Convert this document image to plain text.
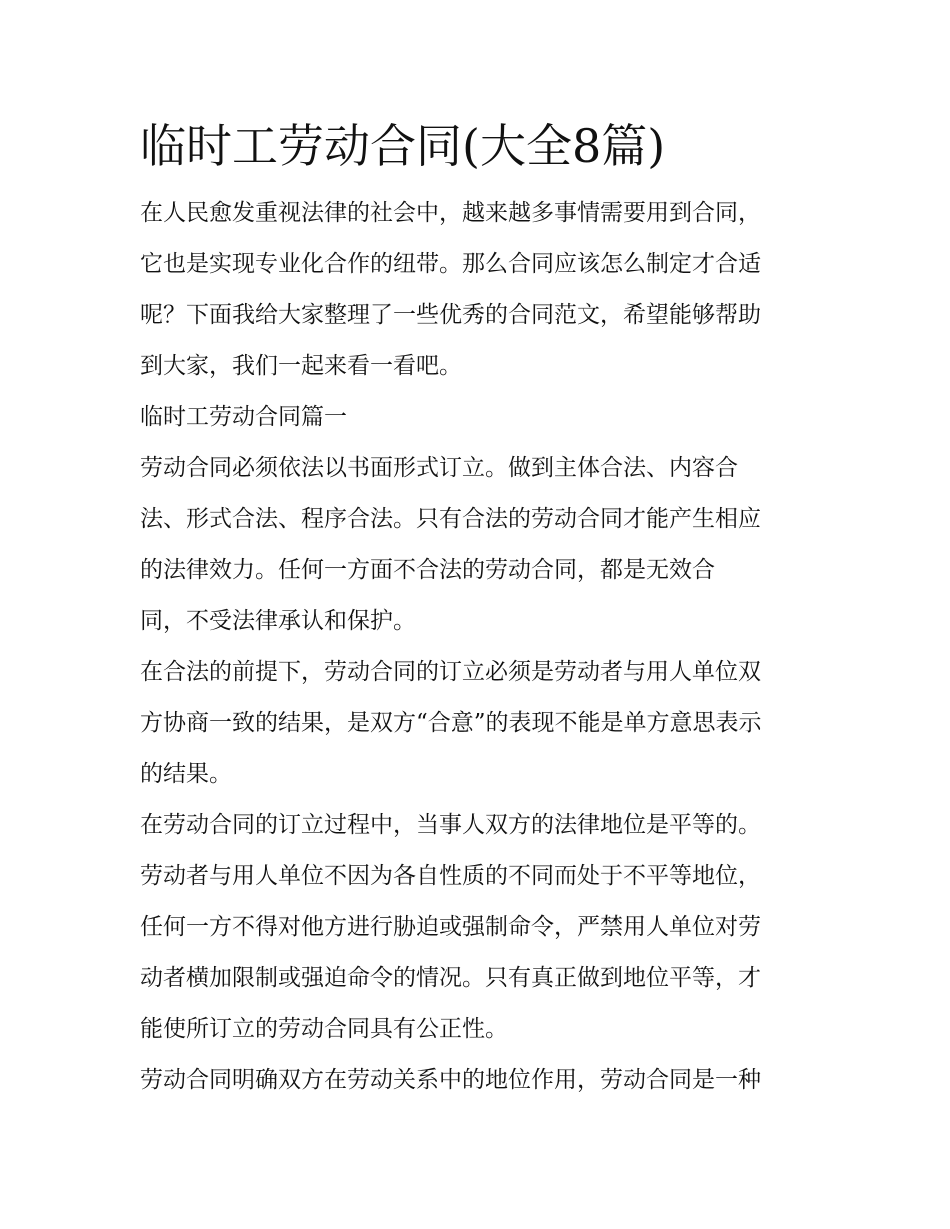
临时工劳动合同(大全8篇)

在人民愈发重视法律的社会中，越来越多事情需要用到合同，

它也是实现专业化合作的纽带。那么合同应该怎么制定才合适

呢？下面我给大家整理了一些优秀的合同范文，希望能够帮助

到大家，我们一起来看一看吧。

临时工劳动合同篇一

劳动合同必须依法以书面形式订立。做到主体合法、内容合

法、形式合法、程序合法。只有合法的劳动合同才能产生相应

的法律效力。任何一方面不合法的劳动合同，都是无效合

同，不受法律承认和保护。

在合法的前提下，劳动合同的订立必须是劳动者与用人单位双

方协商一致的结果，是双方“合意”的表现不能是单方意思表示

的结果。

在劳动合同的订立过程中，当事人双方的法律地位是平等的。

劳动者与用人单位不因为各自性质的不同而处于不平等地位，

任何一方不得对他方进行胁迫或强制命令，严禁用人单位对劳

动者横加限制或强迫命令的情况。只有真正做到地位平等，才

能使所订立的劳动合同具有公正性。

劳动合同明确双方在劳动关系中的地位作用，劳动合同是一种
